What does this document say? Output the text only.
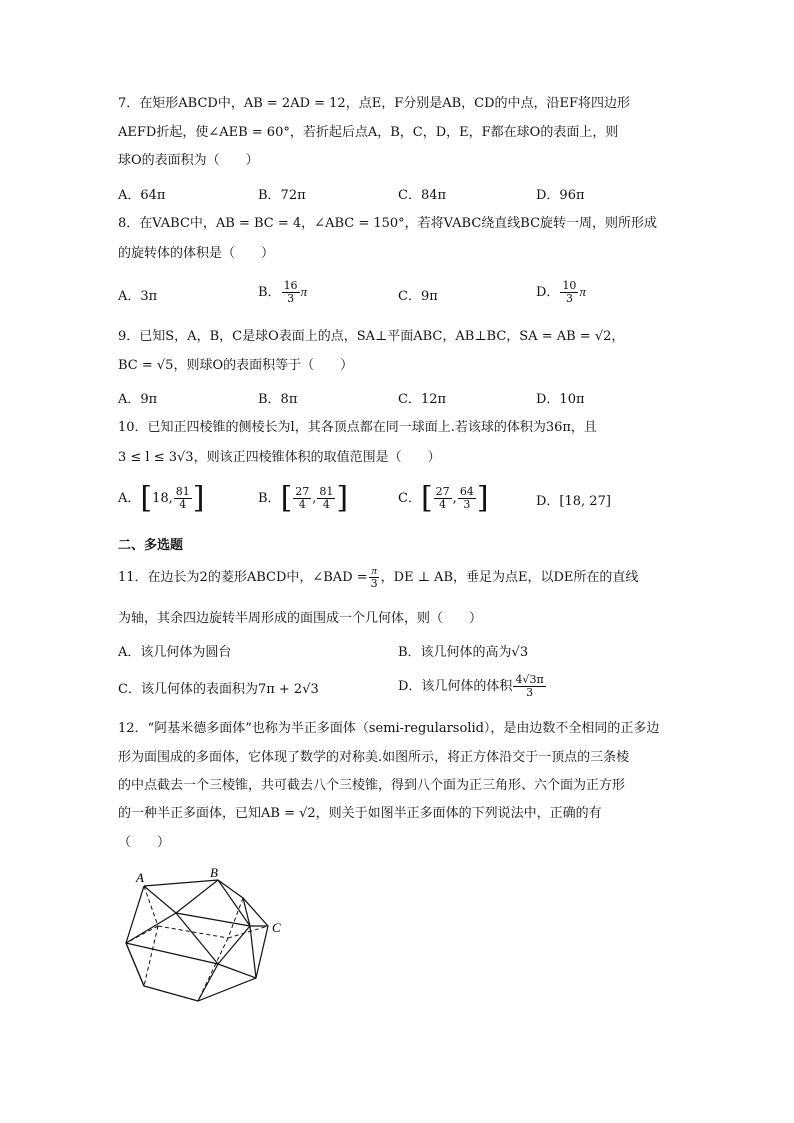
7．在矩形ABCD中，AB = 2AD = 12，点E，F分别是AB，CD的中点，沿EF将四边形
AEFD折起，使∠AEB = 60°，若折起后点A，B，C，D，E，F都在球O的表面上，则
球O的表面积为（　　）
A．64π	B．72π	C．84π	D．96π
8．在VABC中，AB = BC = 4，∠ABC = 150°，若将VABC绕直线BC旋转一周，则所形成
的旋转体的体积是（　　）
A．3π	B． $\frac{16}{3}$ π	C．9π	D． $\frac{10}{3}$ π
9．已知S，A，B，C是球O表面上的点，SA⊥平面ABC，AB⊥BC，SA = AB = √2，
BC = √5，则球O的表面积等于（　　）
A．9π	B．8π	C．12π	D．10π
10．已知正四棱锥的侧棱长为l，其各顶点都在同一球面上.若该球的体积为36π，且
3 ≤ l ≤ 3√3，则该正四棱锥体积的取值范围是（　　）
A．[18, $\frac{81}{4}$ ]	B．[ $\frac{27}{4}$ , $\frac{81}{4}$ ]	C．[ $\frac{27}{4}$ , $\frac{64}{3}$ ]	D．[18, 27]
二、多选题
11．在边长为2的菱形ABCD中，∠BAD = $\frac{\pi}{3}$ ，DE ⊥ AB，垂足为点E，以DE所在的直线
为轴，其余四边旋转半周形成的面围成一个几何体，则（　　）
A．该几何体为圆台	B．该几何体的高为√3
C．该几何体的表面积为7π + 2√3	D．该几何体的体积 $\frac{4√3\pi}{3}$
12．“阿基米德多面体”也称为半正多面体（semi-regularsolid），是由边数不全相同的正多边
形为面围成的多面体，它体现了数学的对称美.如图所示，将正方体沿交于一顶点的三条棱
的中点截去一个三棱锥，共可截去八个三棱锥，得到八个面为正三角形、六个面为正方形
的一种半正多面体，已知AB = √2，则关于如图半正多面体的下列说法中，正确的有
（　　）
A	B
C
